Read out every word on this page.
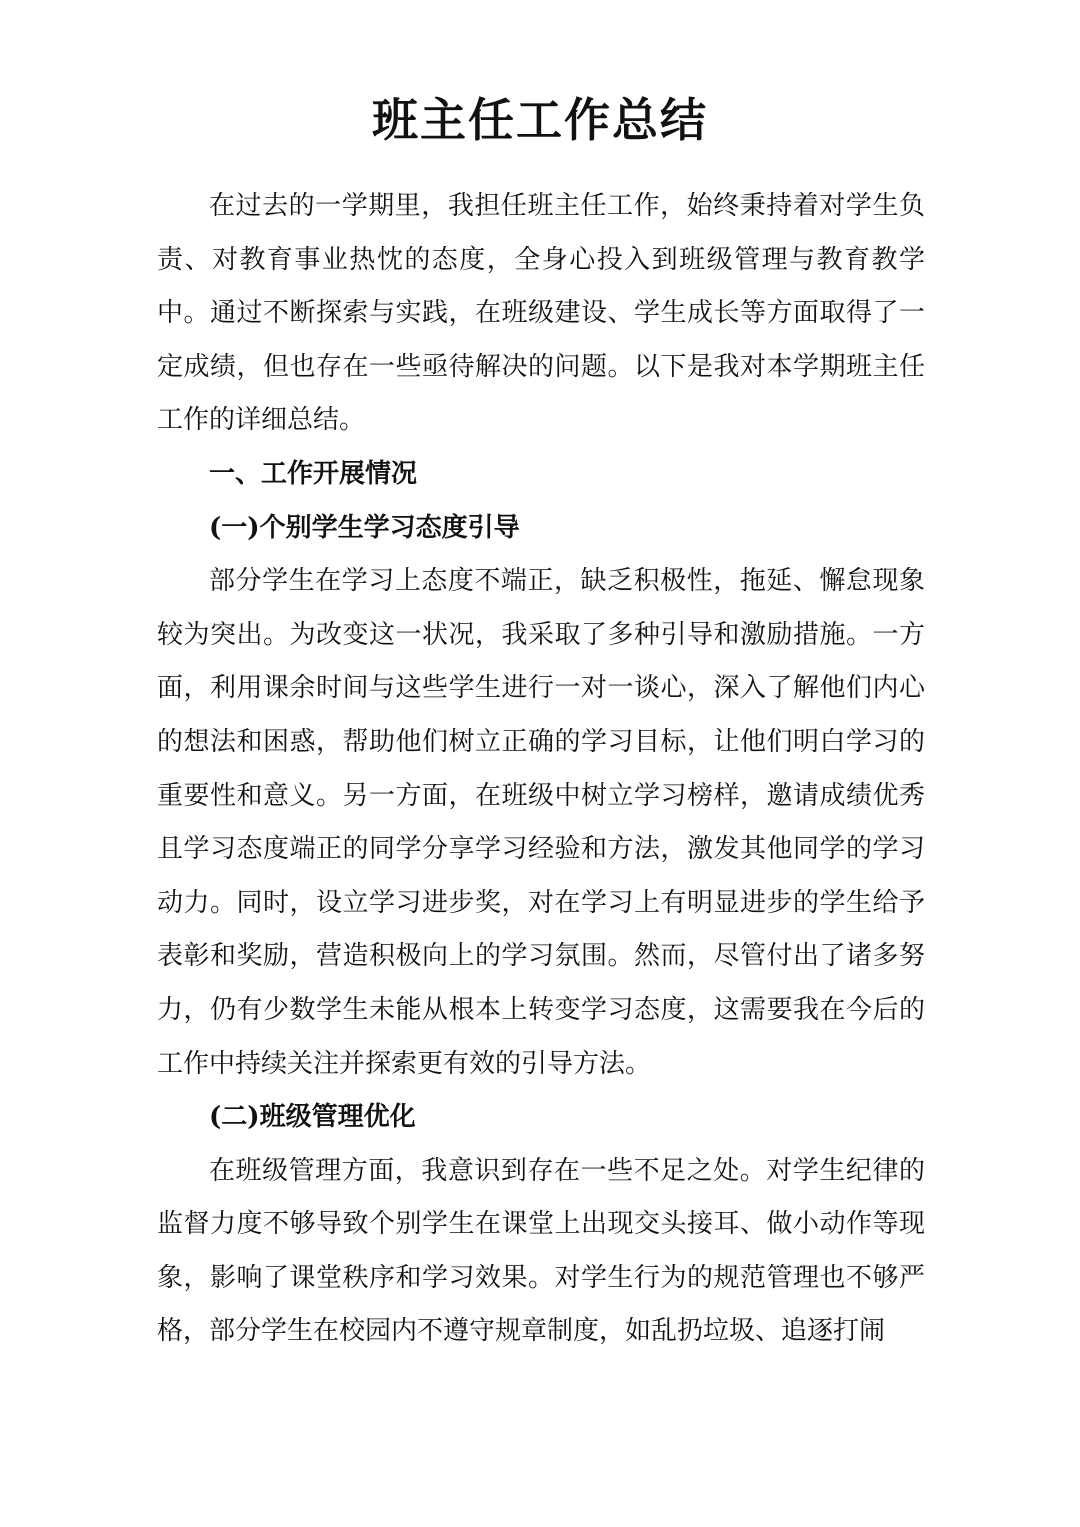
班主任工作总结

在过去的一学期里，我担任班主任工作，始终秉持着对学生负责、对教育事业热忱的态度，全身心投入到班级管理与教育教学中。通过不断探索与实践，在班级建设、学生成长等方面取得了一定成绩，但也存在一些亟待解决的问题。以下是我对本学期班主任工作的详细总结。

一、工作开展情况
(一)个别学生学习态度引导

部分学生在学习上态度不端正，缺乏积极性，拖延、懈怠现象较为突出。为改变这一状况，我采取了多种引导和激励措施。一方面，利用课余时间与这些学生进行一对一谈心，深入了解他们内心的想法和困惑，帮助他们树立正确的学习目标，让他们明白学习的重要性和意义。另一方面，在班级中树立学习榜样，邀请成绩优秀且学习态度端正的同学分享学习经验和方法，激发其他同学的学习动力。同时，设立学习进步奖，对在学习上有明显进步的学生给予表彰和奖励，营造积极向上的学习氛围。然而，尽管付出了诸多努力，仍有少数学生未能从根本上转变学习态度，这需要我在今后的工作中持续关注并探索更有效的引导方法。

(二)班级管理优化

在班级管理方面，我意识到存在一些不足之处。对学生纪律的监督力度不够导致个别学生在课堂上出现交头接耳、做小动作等现象，影响了课堂秩序和学习效果。对学生行为的规范管理也不够严格，部分学生在校园内不遵守规章制度，如乱扔垃圾、追逐打闹
